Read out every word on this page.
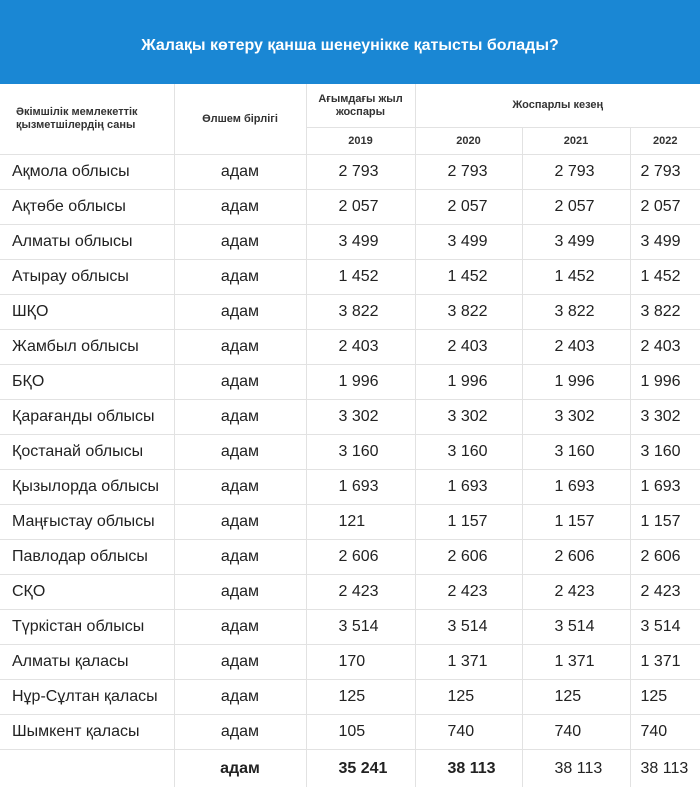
Жалақы көтеру қанша шенеунікке қатысты болады?
Әкімшілік мемлекеттік қызметшілердің саны	Өлшем бірлігі	Ағымдағы жыл жоспары	Жоспарлы кезең		
		2019	2020	2021	2022
Ақмола облысы	адам	2 793	2 793	2 793	2 793
Ақтөбе облысы	адам	2 057	2 057	2 057	2 057
Алматы облысы	адам	3 499	3 499	3 499	3 499
Атырау облысы	адам	1 452	1 452	1 452	1 452
ШҚО	адам	3 822	3 822	3 822	3 822
Жамбыл облысы	адам	2 403	2 403	2 403	2 403
БҚО	адам	1 996	1 996	1 996	1 996
Қарағанды облысы	адам	3 302	3 302	3 302	3 302
Қостанай облысы	адам	3 160	3 160	3 160	3 160
Қызылорда облысы	адам	1 693	1 693	1 693	1 693
Маңғыстау облысы	адам	121	1 157	1 157	1 157
Павлодар облысы	адам	2 606	2 606	2 606	2 606
СҚО	адам	2 423	2 423	2 423	2 423
Түркістан облысы	адам	3 514	3 514	3 514	3 514
Алматы қаласы	адам	170	1 371	1 371	1 371
Нұр-Сұлтан қаласы	адам	125	125	125	125
Шымкент қаласы	адам	105	740	740	740
	адам	35 241	38 113	38 113	38 113
